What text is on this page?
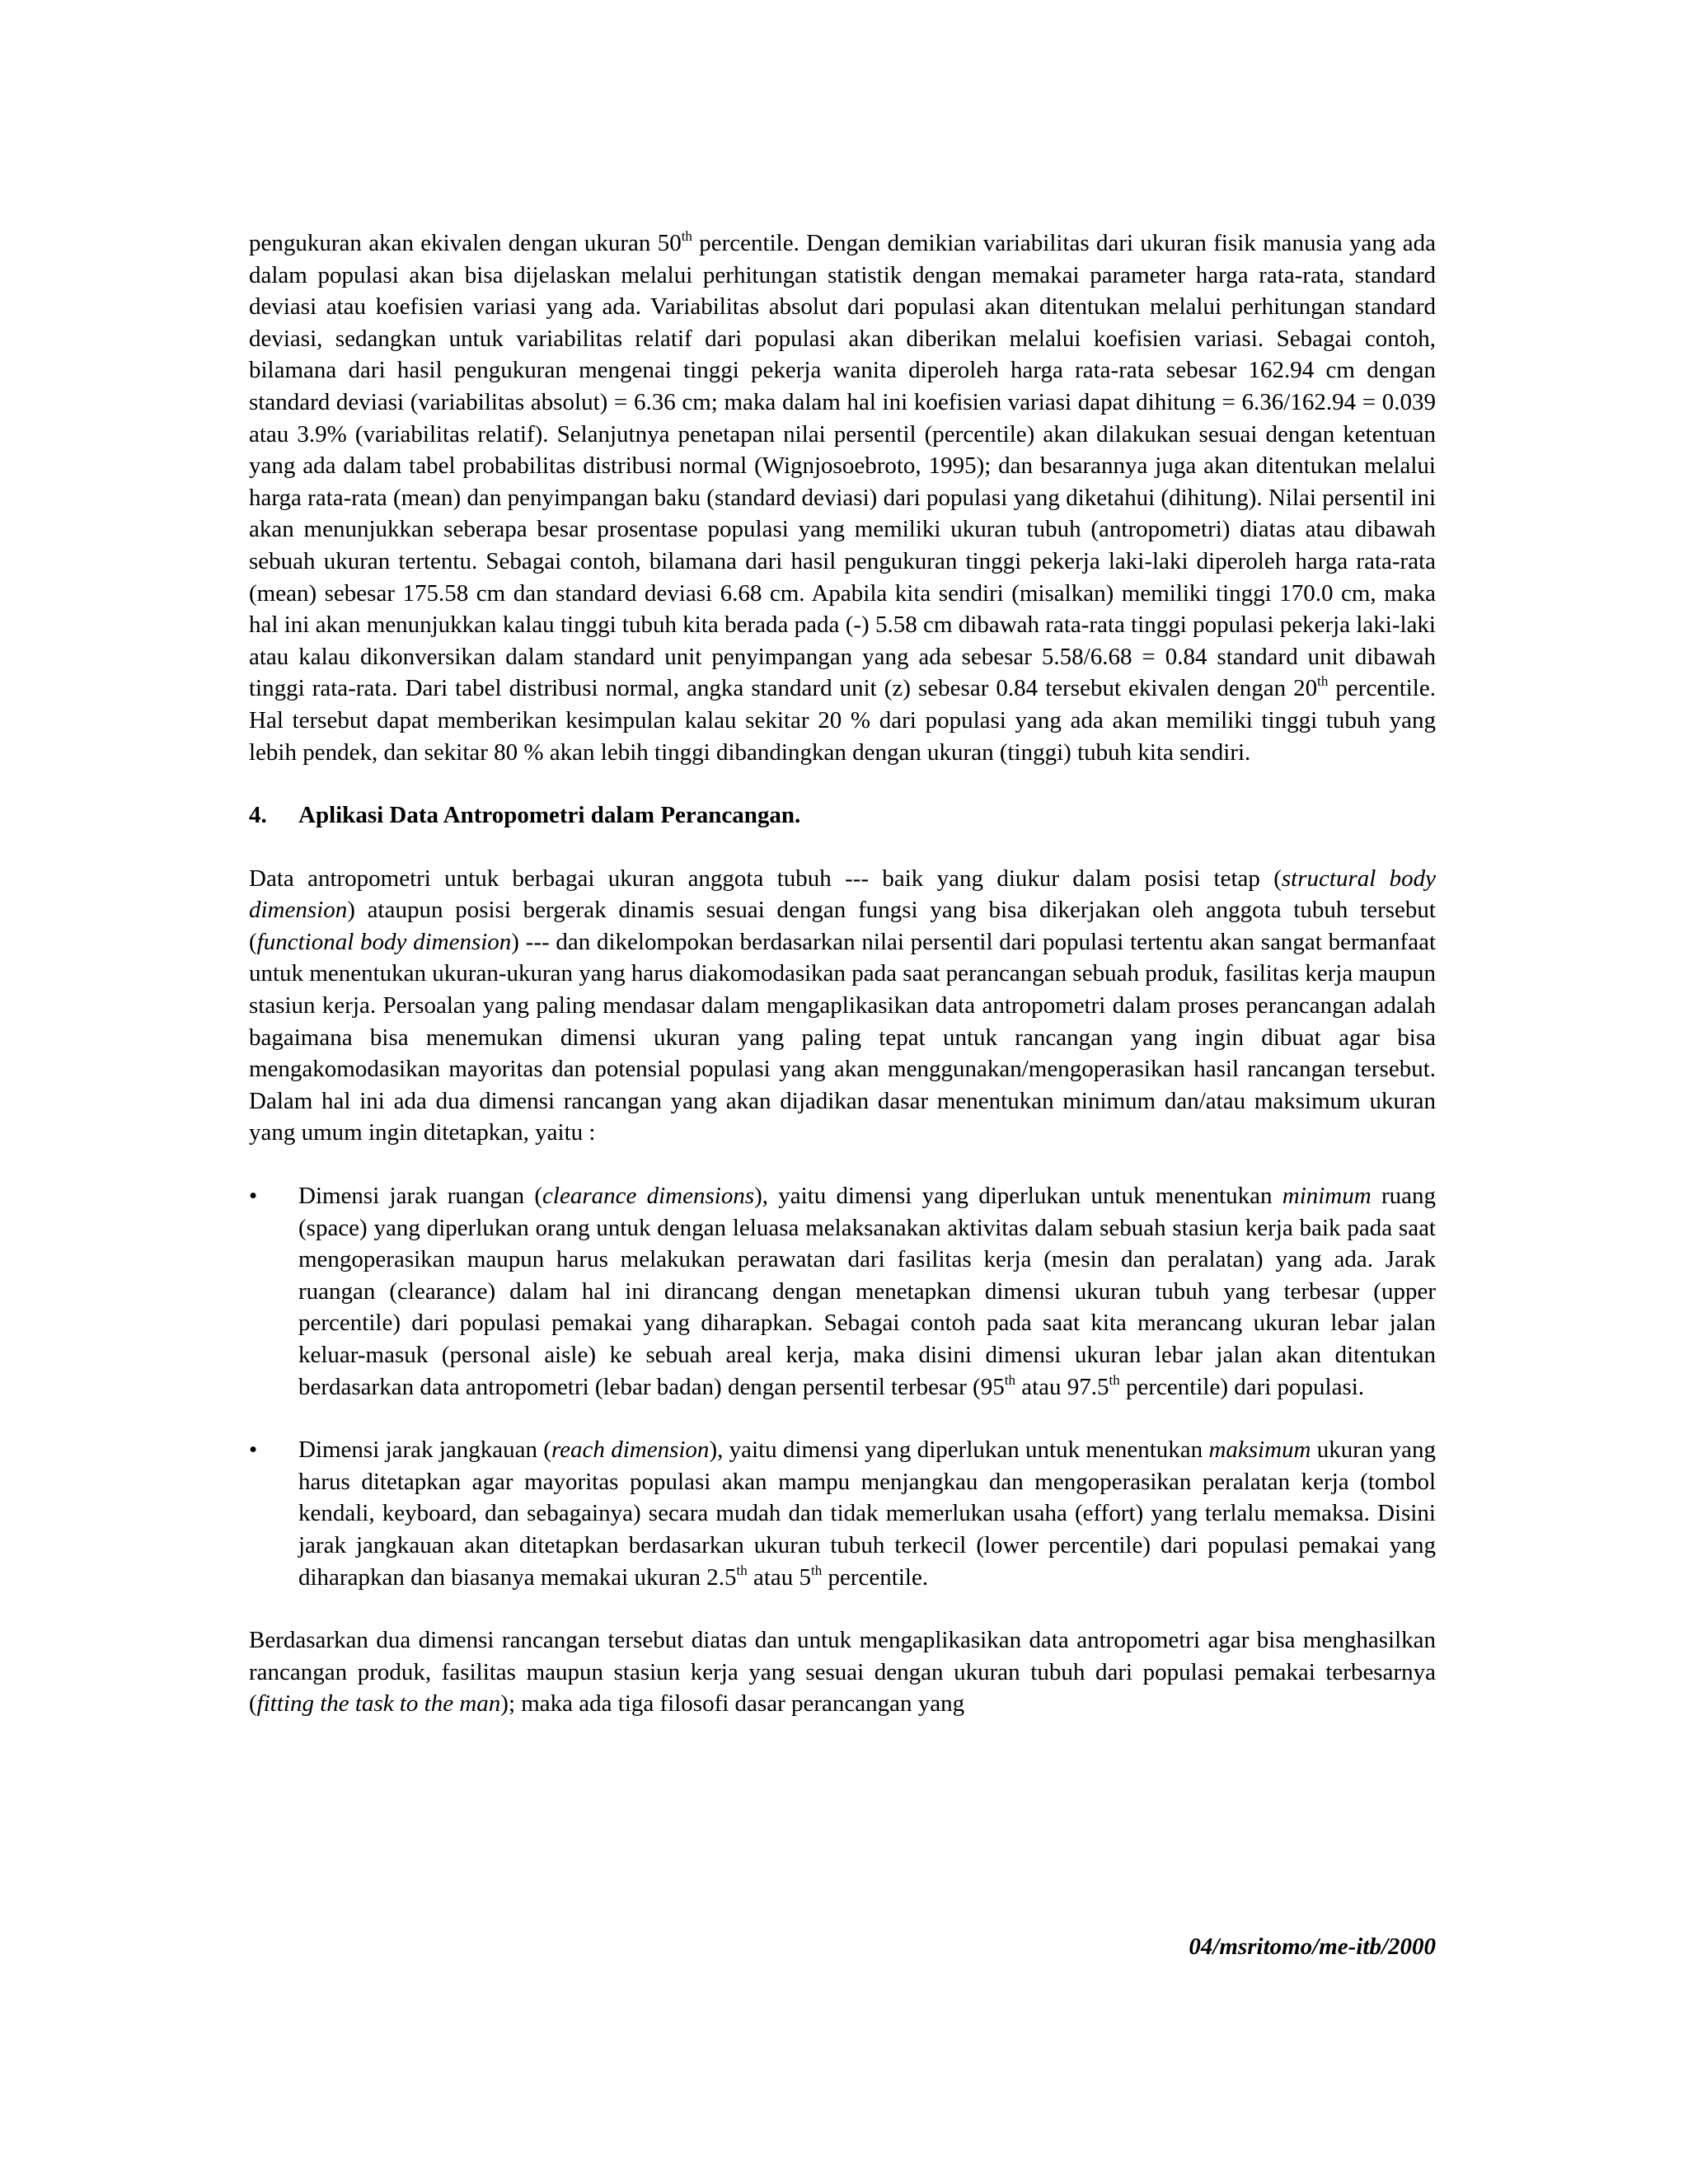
pengukuran akan ekivalen dengan ukuran 50th percentile. Dengan demikian variabilitas dari ukuran fisik manusia yang ada dalam populasi akan bisa dijelaskan melalui perhitungan statistik dengan memakai parameter harga rata-rata, standard deviasi atau koefisien variasi yang ada. Variabilitas absolut dari populasi akan ditentukan melalui perhitungan standard deviasi, sedangkan untuk variabilitas relatif dari populasi akan diberikan melalui koefisien variasi. Sebagai contoh, bilamana dari hasil pengukuran mengenai tinggi pekerja wanita diperoleh harga rata-rata sebesar 162.94 cm dengan standard deviasi (variabilitas absolut) = 6.36 cm; maka dalam hal ini koefisien variasi dapat dihitung = 6.36/162.94 = 0.039 atau 3.9% (variabilitas relatif). Selanjutnya penetapan nilai persentil (percentile) akan dilakukan sesuai dengan ketentuan yang ada dalam tabel probabilitas distribusi normal (Wignjosoebroto, 1995); dan besarannya juga akan ditentukan melalui harga rata-rata (mean) dan penyimpangan baku (standard deviasi) dari populasi yang diketahui (dihitung). Nilai persentil ini akan menunjukkan seberapa besar prosentase populasi yang memiliki ukuran tubuh (antropometri) diatas atau dibawah sebuah ukuran tertentu. Sebagai contoh, bilamana dari hasil pengukuran tinggi pekerja laki-laki diperoleh harga rata-rata (mean) sebesar 175.58 cm dan standard deviasi 6.68 cm. Apabila kita sendiri (misalkan) memiliki tinggi 170.0 cm, maka hal ini akan menunjukkan kalau tinggi tubuh kita berada pada (-) 5.58 cm dibawah rata-rata tinggi populasi pekerja laki-laki atau kalau dikonversikan dalam standard unit penyimpangan yang ada sebesar 5.58/6.68 = 0.84 standard unit dibawah tinggi rata-rata. Dari tabel distribusi normal, angka standard unit (z) sebesar 0.84 tersebut ekivalen dengan 20th percentile. Hal tersebut dapat memberikan kesimpulan kalau sekitar 20 % dari populasi yang ada akan memiliki tinggi tubuh yang lebih pendek, dan sekitar 80 % akan lebih tinggi dibandingkan dengan ukuran (tinggi) tubuh kita sendiri.

4.	Aplikasi Data Antropometri dalam Perancangan.

Data antropometri untuk berbagai ukuran anggota tubuh --- baik yang diukur dalam posisi tetap (structural body dimension) ataupun posisi bergerak dinamis sesuai dengan fungsi yang bisa dikerjakan oleh anggota tubuh tersebut (functional body dimension) --- dan dikelompokan berdasarkan nilai persentil dari populasi tertentu akan sangat bermanfaat untuk menentukan ukuran-ukuran yang harus diakomodasikan pada saat perancangan sebuah produk, fasilitas kerja maupun stasiun kerja. Persoalan yang paling mendasar dalam mengaplikasikan data antropometri dalam proses perancangan adalah bagaimana bisa menemukan dimensi ukuran yang paling tepat untuk rancangan yang ingin dibuat agar bisa mengakomodasikan mayoritas dan potensial populasi yang akan menggunakan/mengoperasikan hasil rancangan tersebut. Dalam hal ini ada dua dimensi rancangan yang akan dijadikan dasar menentukan minimum dan/atau maksimum ukuran yang umum ingin ditetapkan, yaitu :

•	Dimensi jarak ruangan (clearance dimensions), yaitu dimensi yang diperlukan untuk menentukan minimum ruang (space) yang diperlukan orang untuk dengan leluasa melaksanakan aktivitas dalam sebuah stasiun kerja baik pada saat mengoperasikan maupun harus melakukan perawatan dari fasilitas kerja (mesin dan peralatan) yang ada. Jarak ruangan (clearance) dalam hal ini dirancang dengan menetapkan dimensi ukuran tubuh yang terbesar (upper percentile) dari populasi pemakai yang diharapkan. Sebagai contoh pada saat kita merancang ukuran lebar jalan keluar-masuk (personal aisle) ke sebuah areal kerja, maka disini dimensi ukuran lebar jalan akan ditentukan berdasarkan data antropometri (lebar badan) dengan persentil terbesar (95th atau 97.5th percentile) dari populasi.
•	Dimensi jarak jangkauan (reach dimension), yaitu dimensi yang diperlukan untuk menentukan maksimum ukuran yang harus ditetapkan agar mayoritas populasi akan mampu menjangkau dan mengoperasikan peralatan kerja (tombol kendali, keyboard, dan sebagainya) secara mudah dan tidak memerlukan usaha (effort) yang terlalu memaksa. Disini jarak jangkauan akan ditetapkan berdasarkan ukuran tubuh terkecil (lower percentile) dari populasi pemakai yang diharapkan dan biasanya memakai ukuran 2.5th atau 5th percentile.

Berdasarkan dua dimensi rancangan tersebut diatas dan untuk mengaplikasikan data antropometri agar bisa menghasilkan rancangan produk, fasilitas maupun stasiun kerja yang sesuai dengan ukuran tubuh dari populasi pemakai terbesarnya (fitting the task to the man); maka ada tiga filosofi dasar perancangan yang

04/msritomo/me-itb/2000
